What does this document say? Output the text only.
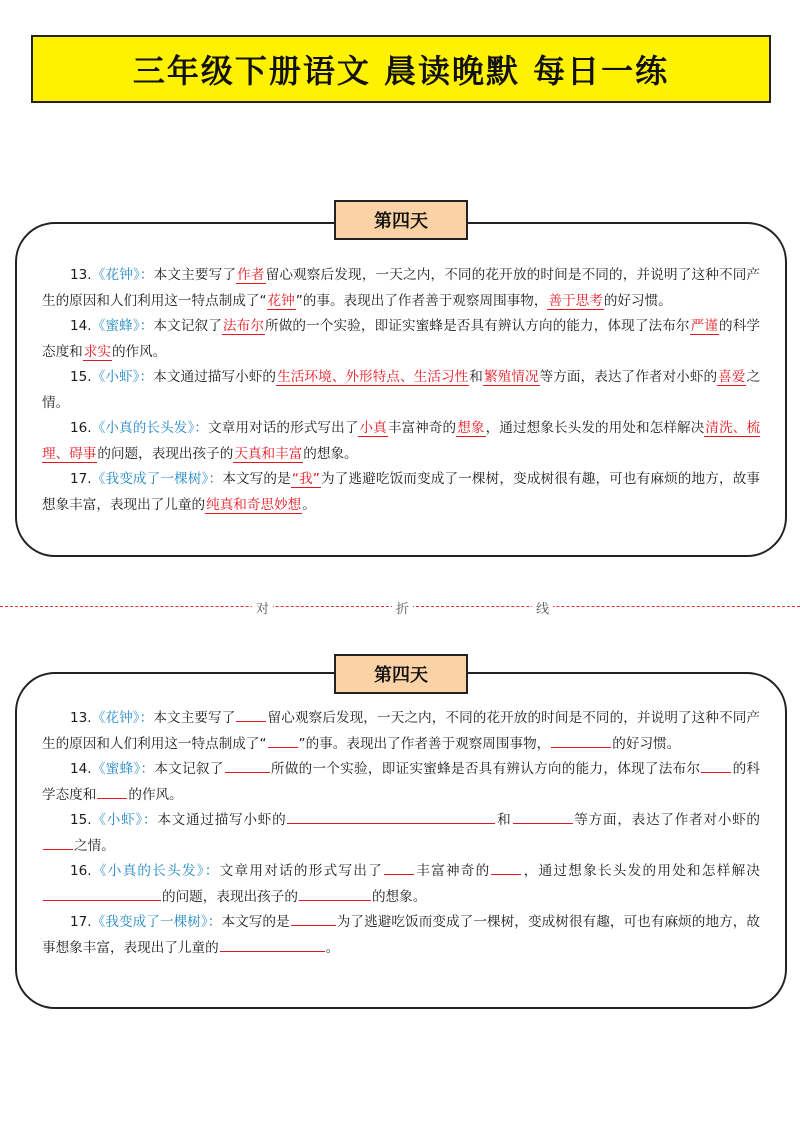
三年级下册语文 晨读晚默 每日一练
第四天

13.《花钟》：本文主要写了作者留心观察后发现，一天之内，不同的花开放的时间是不同的，并说明了这种不同产生的原因和人们利用这一特点制成了“花钟”的事。表现出了作者善于观察周围事物，善于思考的好习惯。

14.《蜜蜂》：本文记叙了法布尔所做的一个实验，即证实蜜蜂是否具有辨认方向的能力，体现了法布尔严谨的科学态度和求实的作风。

15.《小虾》：本文通过描写小虾的生活环境、外形特点、生活习性和繁殖情况等方面，表达了作者对小虾的喜爱之情。

16.《小真的长头发》：文章用对话的形式写出了小真丰富神奇的想象，通过想象长头发的用处和怎样解决清洗、梳理、碍事的问题，表现出孩子的天真和丰富的想象。

17.《我变成了一棵树》：本文写的是“我”为了逃避吃饭而变成了一棵树，变成树很有趣，可也有麻烦的地方，故事想象丰富，表现出了儿童的纯真和奇思妙想。

对	折	线
第四天

13.《花钟》：本文主要写了 留心观察后发现，一天之内，不同的花开放的时间是不同的，并说明了这种不同产生的原因和人们利用这一特点制成了“ ”的事。表现出了作者善于观察周围事物，	的好习惯。

14.《蜜蜂》：本文记叙了	所做的一个实验，即证实蜜蜂是否具有辨认方向的能力，体现了法布尔 的科学态度和 的作风。

15.《小虾》：本文通过描写小虾的	和	等方面，表达了作者对小虾的之情。

16.《小真的长头发》：文章用对话的形式写出了 丰富神奇的 ，通过想象长头发的用处和怎样解决的问题，表现出孩子的	的想象。

17.《我变成了一棵树》：本文写的是	为了逃避吃饭而变成了一棵树，变成树很有趣，可也有麻烦的地方，故事想象丰富，表现出了儿童的	。
